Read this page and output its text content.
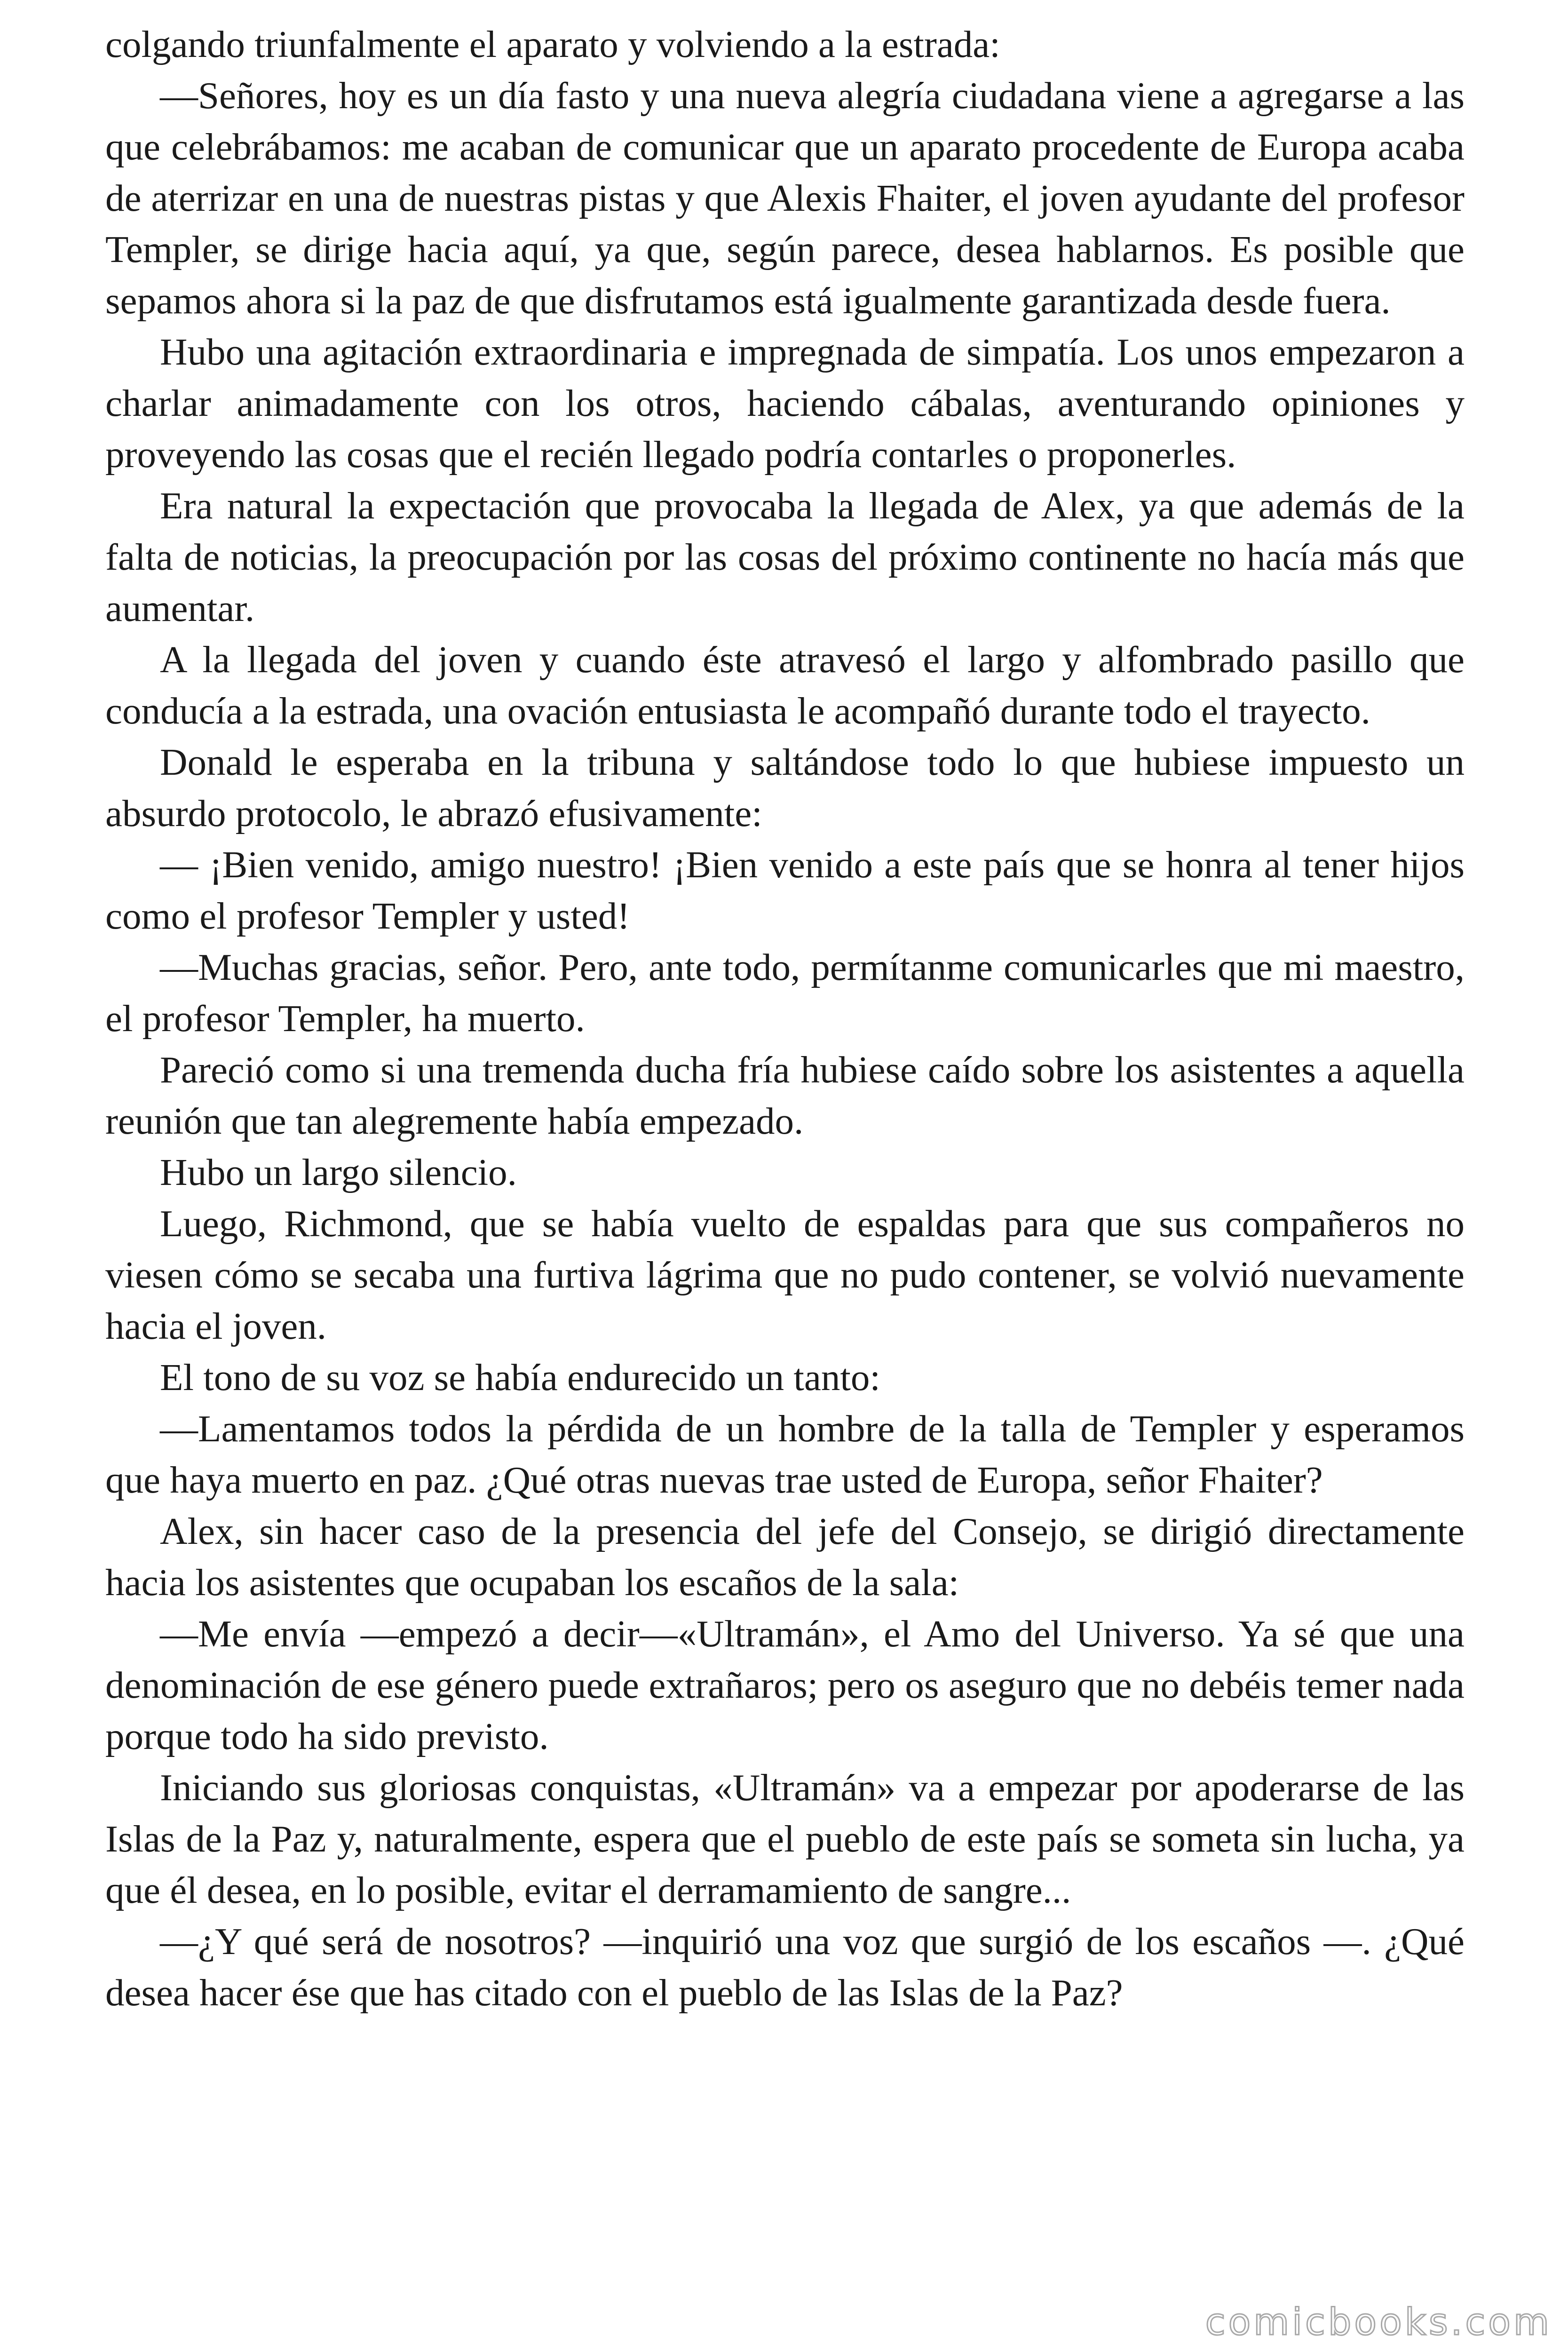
colgando triunfalmente el aparato y volviendo a la estrada:

—Señores, hoy es un día fasto y una nueva alegría ciudadana viene a agregarse a las que celebrábamos: me acaban de comunicar que un aparato procedente de Europa acaba de aterrizar en una de nuestras pistas y que Alexis Fhaiter, el joven ayudante del profesor Templer, se dirige hacia aquí, ya que, según parece, desea hablarnos. Es posible que sepamos ahora si la paz de que disfrutamos está igualmente garantizada desde fuera.

Hubo una agitación extraordinaria e impregnada de simpatía. Los unos empezaron a charlar animadamente con los otros, haciendo cábalas, aventurando opiniones y proveyendo las cosas que el recién llegado podría contarles o proponerles.

Era natural la expectación que provocaba la llegada de Alex, ya que además de la falta de noticias, la preocupación por las cosas del próximo continente no hacía más que aumentar.

A la llegada del joven y cuando éste atravesó el largo y alfombrado pasillo que conducía a la estrada, una ovación entusiasta le acompañó durante todo el trayecto.

Donald le esperaba en la tribuna y saltándose todo lo que hubiese impuesto un absurdo protocolo, le abrazó efusivamente:

— ¡Bien venido, amigo nuestro! ¡Bien venido a este país que se honra al tener hijos como el profesor Templer y usted!

—Muchas gracias, señor. Pero, ante todo, permítanme comunicarles que mi maestro, el profesor Templer, ha muerto.

Pareció como si una tremenda ducha fría hubiese caído sobre los asistentes a aquella reunión que tan alegremente había empezado.

Hubo un largo silencio.

Luego, Richmond, que se había vuelto de espaldas para que sus compañeros no viesen cómo se secaba una furtiva lágrima que no pudo contener, se volvió nuevamente hacia el joven.

El tono de su voz se había endurecido un tanto:

—Lamentamos todos la pérdida de un hombre de la talla de Templer y esperamos que haya muerto en paz. ¿Qué otras nuevas trae usted de Europa, señor Fhaiter?

Alex, sin hacer caso de la presencia del jefe del Consejo, se dirigió directamente hacia los asistentes que ocupaban los escaños de la sala:

—Me envía —empezó a decir—«Ultramán», el Amo del Universo. Ya sé que una denominación de ese género puede extrañaros; pero os aseguro que no debéis temer nada porque todo ha sido previsto.

Iniciando sus gloriosas conquistas, «Ultramán» va a empezar por apoderarse de las Islas de la Paz y, naturalmente, espera que el pueblo de este país se someta sin lucha, ya que él desea, en lo posible, evitar el derramamiento de sangre...

—¿Y qué será de nosotros? —inquirió una voz que surgió de los escaños —. ¿Qué desea hacer ése que has citado con el pueblo de las Islas de la Paz?

comicbooks.com
